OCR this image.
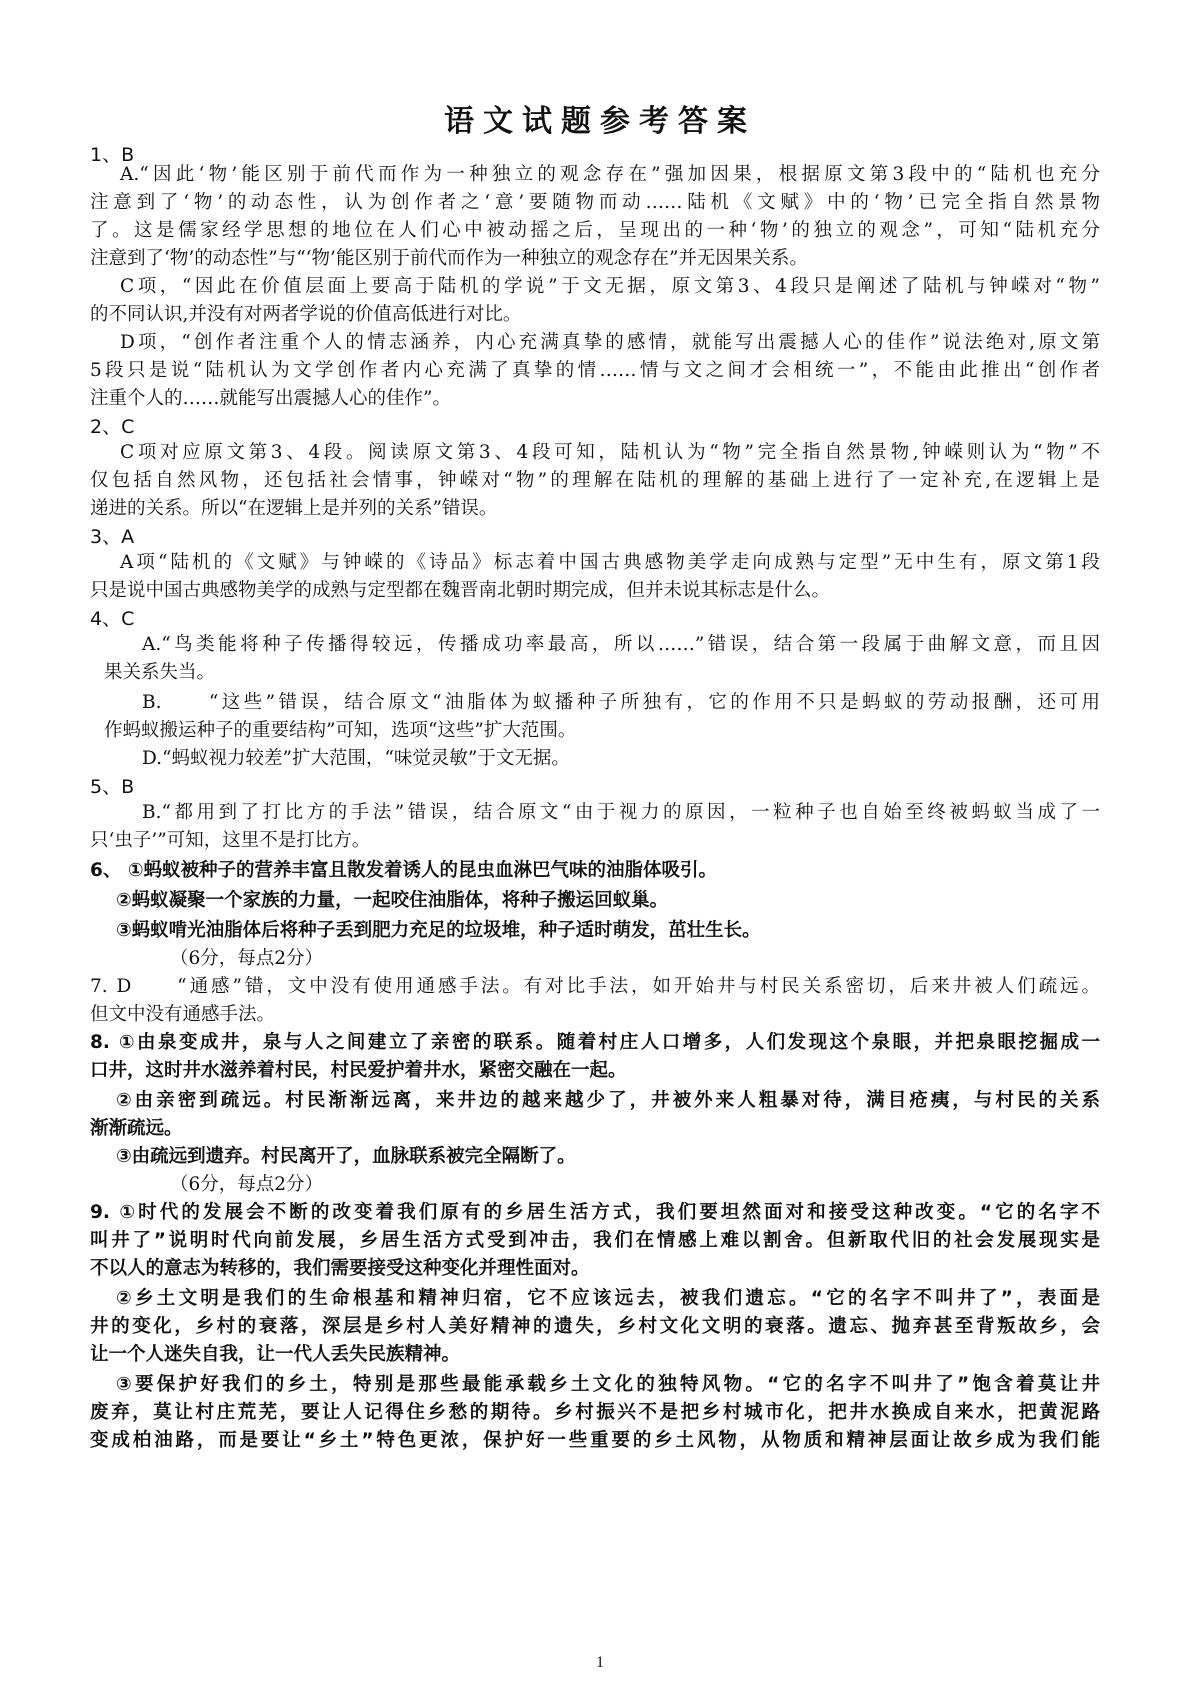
语文试题参考答案
1、B
A.“因此‘物’能区别于前代而作为一种独立的观念存在”强加因果，根据原文第3段中的“陆机也充分
注意到了‘物’的动态性，认为创作者之‘意’要随物而动……陆机《文赋》中的‘物’已完全指自然景物
了。这是儒家经学思想的地位在人们心中被动摇之后，呈现出的一种‘物’的独立的观念”，可知“陆机充分
注意到了‘物’的动态性”与“‘物’能区别于前代而作为一种独立的观念存在”并无因果关系。
C项，“因此在价值层面上要高于陆机的学说”于文无据，原文第3、4段只是阐述了陆机与钟嵘对“物”
的不同认识,并没有对两者学说的价值高低进行对比。
D项，“创作者注重个人的情志涵养，内心充满真挚的感情，就能写出震撼人心的佳作”说法绝对,原文第
5段只是说“陆机认为文学创作者内心充满了真挚的情……情与文之间才会相统一”，不能由此推出“创作者
注重个人的……就能写出震撼人心的佳作”。
2、C
C项对应原文第3、4段。阅读原文第3、4段可知，陆机认为“物”完全指自然景物,钟嵘则认为“物”不
仅包括自然风物，还包括社会情事，钟嵘对“物”的理解在陆机的理解的基础上进行了一定补充,在逻辑上是
递进的关系。所以“在逻辑上是并列的关系”错误。
3、A
A项“陆机的《文赋》与钟嵘的《诗品》标志着中国古典感物美学走向成熟与定型”无中生有，原文第1段
只是说中国古典感物美学的成熟与定型都在魏晋南北朝时期完成，但并未说其标志是什么。
4、C
A.“鸟类能将种子传播得较远，传播成功率最高，所以……”错误，结合第一段属于曲解文意，而且因
果关系失当。
B.　　“这些”错误，结合原文“油脂体为蚁播种子所独有，它的作用不只是蚂蚁的劳动报酬，还可用
作蚂蚁搬运种子的重要结构”可知，选项“这些”扩大范围。
D.“蚂蚁视力较差”扩大范围，“味觉灵敏”于文无据。
5、B
B.“都用到了打比方的手法”错误，结合原文“由于视力的原因，一粒种子也自始至终被蚂蚁当成了一
只‘虫子’”可知，这里不是打比方。
6、 ①蚂蚁被种子的营养丰富且散发着诱人的昆虫血淋巴气味的油脂体吸引。
②蚂蚁凝聚一个家族的力量，一起咬住油脂体，将种子搬运回蚁巢。
③蚂蚁啃光油脂体后将种子丢到肥力充足的垃圾堆，种子适时萌发，茁壮生长。
（6分，每点2分）
7. D　　“通感”错，文中没有使用通感手法。有对比手法，如开始井与村民关系密切，后来井被人们疏远。
但文中没有通感手法。
8. ①由泉变成井，泉与人之间建立了亲密的联系。随着村庄人口增多，人们发现这个泉眼，并把泉眼挖掘成一
口井，这时井水滋养着村民，村民爱护着井水，紧密交融在一起。
②由亲密到疏远。村民渐渐远离，来井边的越来越少了，井被外来人粗暴对待，满目疮痍，与村民的关系
渐渐疏远。
③由疏远到遗弃。村民离开了，血脉联系被完全隔断了。
（6分，每点2分）
9. ①时代的发展会不断的改变着我们原有的乡居生活方式，我们要坦然面对和接受这种改变。“它的名字不
叫井了”说明时代向前发展，乡居生活方式受到冲击，我们在情感上难以割舍。但新取代旧的社会发展现实是
不以人的意志为转移的，我们需要接受这种变化并理性面对。
②乡土文明是我们的生命根基和精神归宿，它不应该远去，被我们遗忘。“它的名字不叫井了”，表面是
井的变化，乡村的衰落，深层是乡村人美好精神的遗失，乡村文化文明的衰落。遗忘、抛弃甚至背叛故乡，会
让一个人迷失自我，让一代人丢失民族精神。
③要保护好我们的乡土，特别是那些最能承载乡土文化的独特风物。“它的名字不叫井了”饱含着莫让井
废弃，莫让村庄荒芜，要让人记得住乡愁的期待。乡村振兴不是把乡村城市化，把井水换成自来水，把黄泥路
变成柏油路，而是要让“乡土”特色更浓，保护好一些重要的乡土风物，从物质和精神层面让故乡成为我们能
1
